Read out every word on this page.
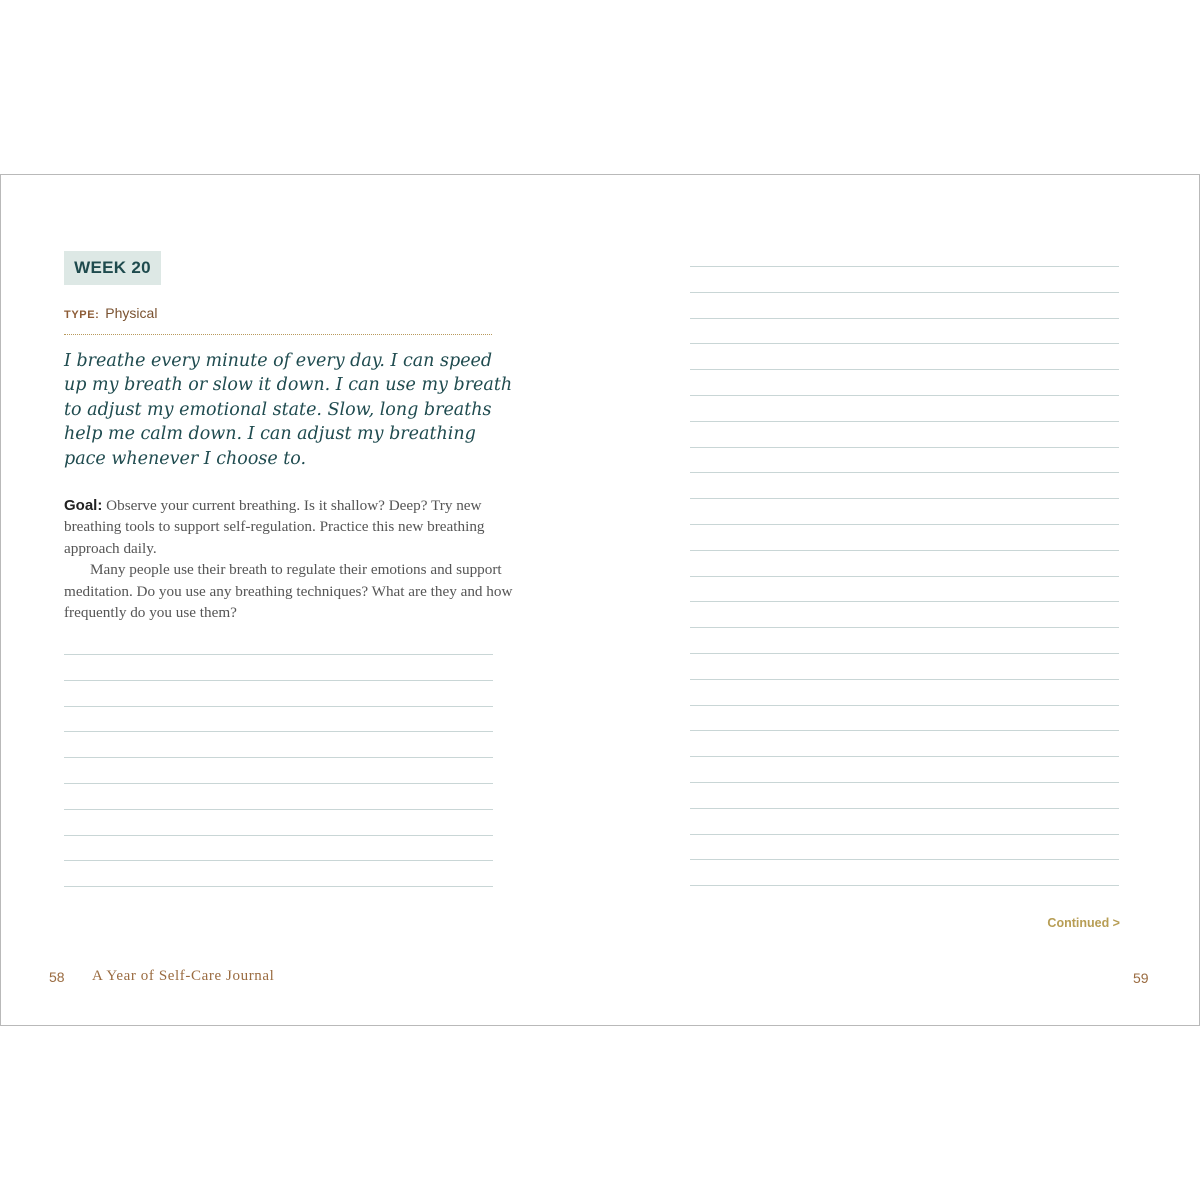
WEEK 20
TYPE: Physical

I breathe every minute of every day. I can speed up my breath or slow it down. I can use my breath to adjust my emotional state. Slow, long breaths help me calm down. I can adjust my breathing pace whenever I choose to.

Goal: Observe your current breathing. Is it shallow? Deep? Try new breathing tools to support self-regulation. Practice this new breathing approach daily.
Many people use their breath to regulate their emotions and support meditation. Do you use any breathing techniques? What are they and how frequently do you use them?

Continued >
58 A Year of Self-Care Journal	59
